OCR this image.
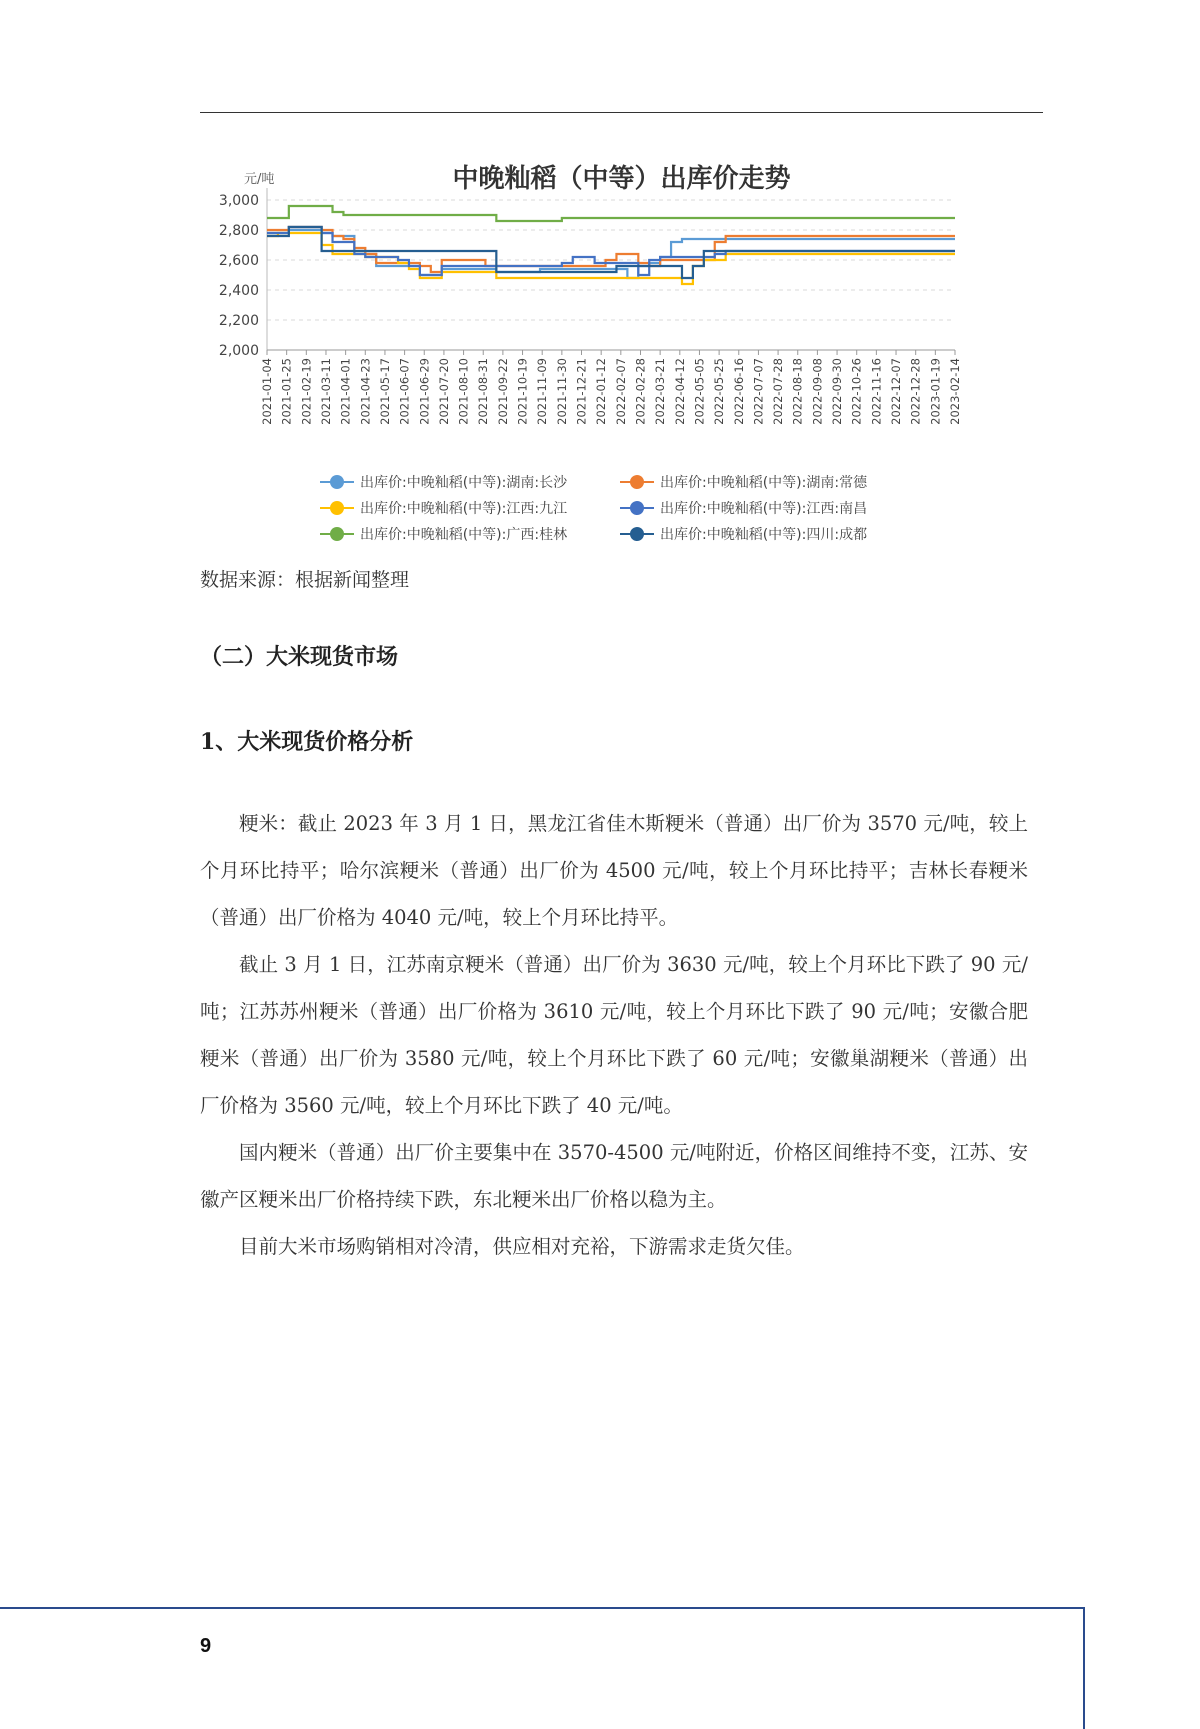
中晚籼稻（中等）出库价走势
元/吨
3,000
2,800
2,600
2,400
2,200
2,000
2021-01-04 2021-01-25 2021-02-19 2021-03-11 2021-04-01 2021-04-23 2021-05-17 2021-06-07 2021-06-29 2021-07-20 2021-08-10 2021-08-31 2021-09-22 2021-10-19 2021-11-09 2021-11-30 2021-12-21 2022-01-12 2022-02-07 2022-02-28 2022-03-21 2022-04-12 2022-05-05 2022-05-25 2022-06-16 2022-07-07 2022-07-28 2022-08-18 2022-09-08 2022-09-30 2022-10-26 2022-11-16 2022-12-07 2022-12-28 2023-01-19 2023-02-14
出库价:中晚籼稻(中等):湖南:长沙	出库价:中晚籼稻(中等):湖南:常德
出库价:中晚籼稻(中等):江西:九江	出库价:中晚籼稻(中等):江西:南昌
出库价:中晚籼稻(中等):广西:桂林	出库价:中晚籼稻(中等):四川:成都
数据来源：根据新闻整理
（二）大米现货市场
1、大米现货价格分析

粳米：截止 2023 年 3 月 1 日，黑龙江省佳木斯粳米（普通）出厂价为 3570 元/吨，较上个月环比持平；哈尔滨粳米（普通）出厂价为 4500 元/吨，较上个月环比持平；吉林长春粳米（普通）出厂价格为 4040 元/吨，较上个月环比持平。

截止 3 月 1 日，江苏南京粳米（普通）出厂价为 3630 元/吨，较上个月环比下跌了 90 元/吨；江苏苏州粳米（普通）出厂价格为 3610 元/吨，较上个月环比下跌了 90 元/吨；安徽合肥粳米（普通）出厂价为 3580 元/吨，较上个月环比下跌了 60 元/吨；安徽巢湖粳米（普通）出厂价格为 3560 元/吨，较上个月环比下跌了 40 元/吨。

国内粳米（普通）出厂价主要集中在 3570-4500 元/吨附近，价格区间维持不变，江苏、安徽产区粳米出厂价格持续下跌，东北粳米出厂价格以稳为主。

目前大米市场购销相对冷清，供应相对充裕，下游需求走货欠佳。

9
